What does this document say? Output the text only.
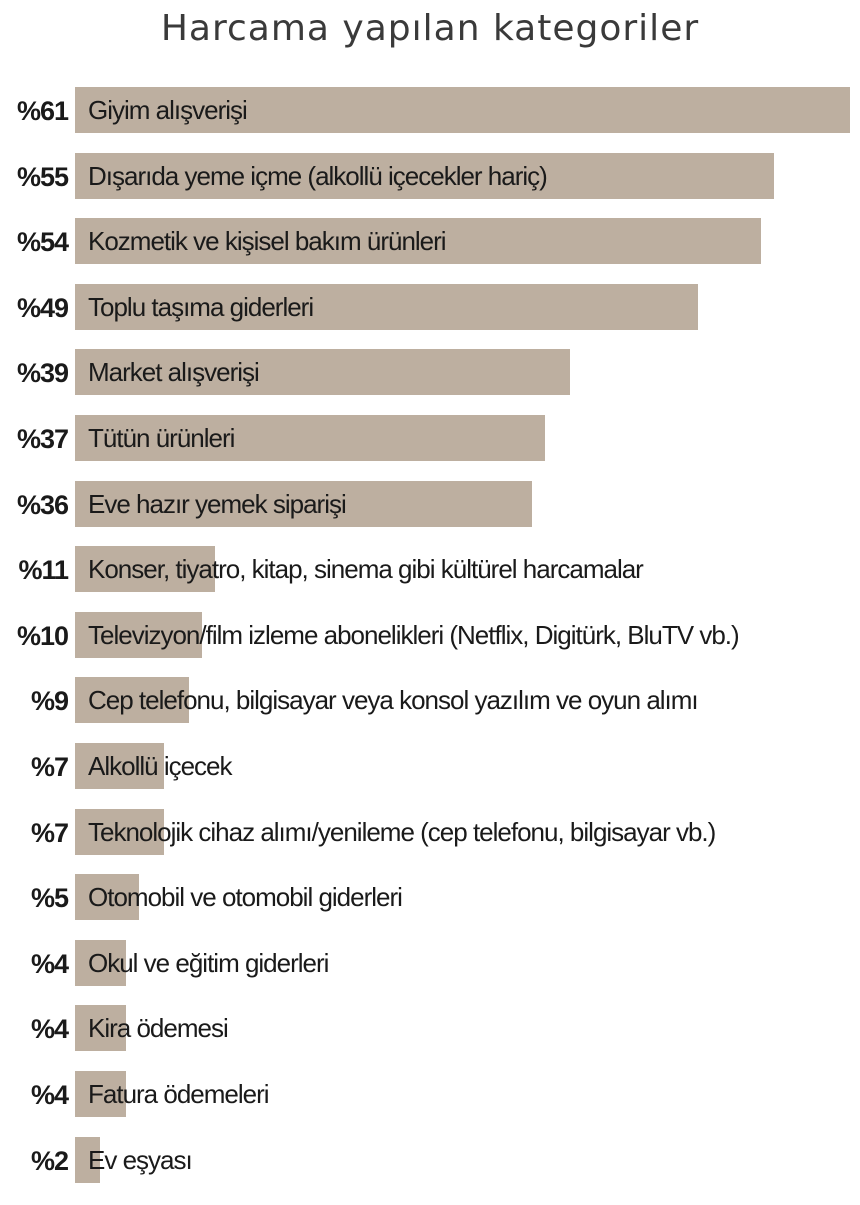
Harcama yapılan kategoriler
%61 Giyim alışverişi
%55 Dışarıda yeme içme (alkollü içecekler hariç)
%54 Kozmetik ve kişisel bakım ürünleri
%49 Toplu taşıma giderleri
%39 Market alışverişi
%37 Tütün ürünleri
%36 Eve hazır yemek siparişi
%11 Konser, tiyatro, kitap, sinema gibi kültürel harcamalar
%10 Televizyon/film izleme abonelikleri (Netflix, Digitürk, BluTV vb.)
%9 Cep telefonu, bilgisayar veya konsol yazılım ve oyun alımı
%7 Alkollü içecek
%7 Teknolojik cihaz alımı/yenileme (cep telefonu, bilgisayar vb.)
%5 Otomobil ve otomobil giderleri
%4 Okul ve eğitim giderleri
%4 Kira ödemesi
%4 Fatura ödemeleri
%2 Ev eşyası
